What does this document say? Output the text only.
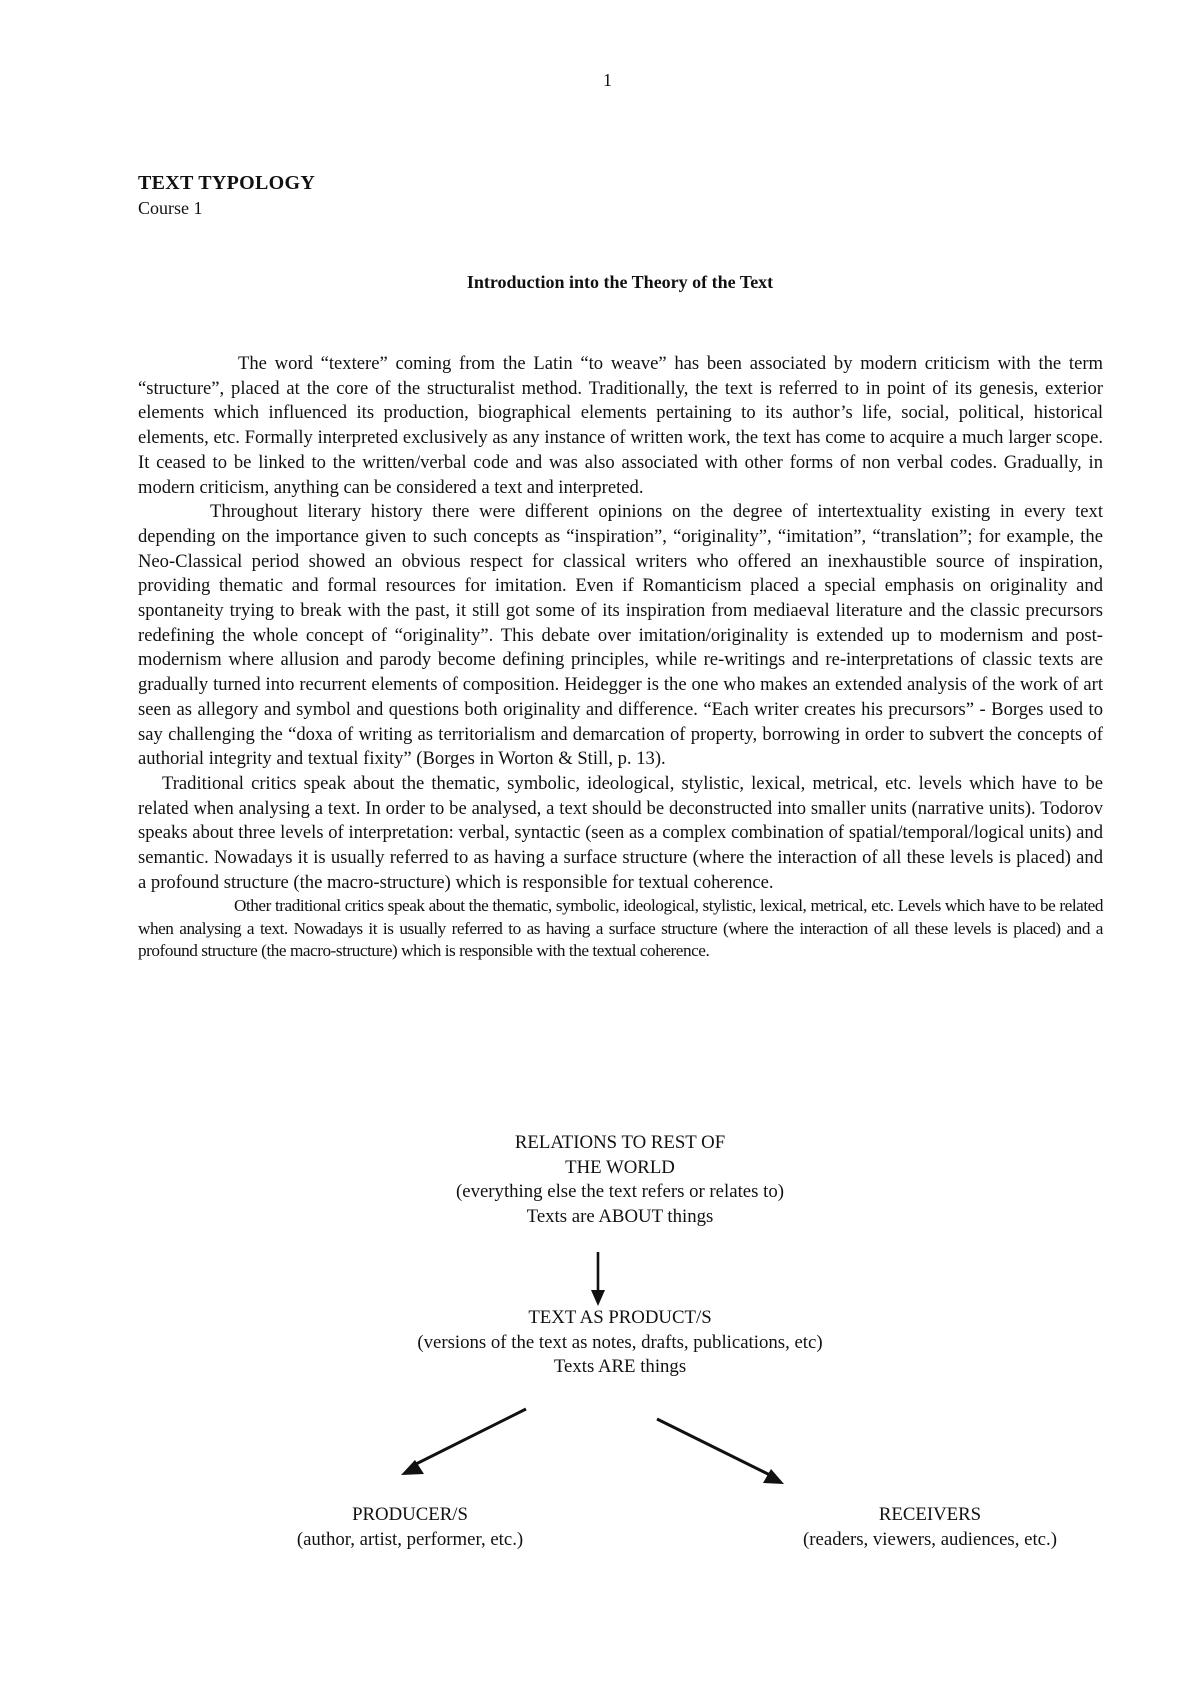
1
TEXT TYPOLOGY
Course 1
Introduction into the Theory of the Text

The word “textere” coming from the Latin “to weave” has been associated by modern criticism with the term “structure”, placed at the core of the structuralist method. Traditionally, the text is referred to in point of its genesis, exterior elements which influenced its production, biographical elements pertaining to its author’s life, social, political, historical elements, etc. Formally interpreted exclusively as any instance of written work, the text has come to acquire a much larger scope. It ceased to be linked to the written/verbal code and was also associated with other forms of non verbal codes. Gradually, in modern criticism, anything can be considered a text and interpreted.

Throughout literary history there were different opinions on the degree of intertextuality existing in every text depending on the importance given to such concepts as “inspiration”, “originality”, “imitation”, “translation”; for example, the Neo-Classical period showed an obvious respect for classical writers who offered an inexhaustible source of inspiration, providing thematic and formal resources for imitation. Even if Romanticism placed a special emphasis on originality and spontaneity trying to break with the past, it still got some of its inspiration from mediaeval literature and the classic precursors redefining the whole concept of “originality”. This debate over imitation/originality is extended up to modernism and post-modernism where allusion and parody become defining principles, while re-writings and re-interpretations of classic texts are gradually turned into recurrent elements of composition. Heidegger is the one who makes an extended analysis of the work of art seen as allegory and symbol and questions both originality and difference. “Each writer creates his precursors” - Borges used to say challenging the “doxa of writing as territorialism and demarcation of property, borrowing in order to subvert the concepts of authorial integrity and textual fixity” (Borges in Worton & Still, p. 13).

Traditional critics speak about the thematic, symbolic, ideological, stylistic, lexical, metrical, etc. levels which have to be related when analysing a text. In order to be analysed, a text should be deconstructed into smaller units (narrative units). Todorov speaks about three levels of interpretation: verbal, syntactic (seen as a complex combination of spatial/temporal/logical units) and semantic. Nowadays it is usually referred to as having a surface structure (where the interaction of all these levels is placed) and a profound structure (the macro-structure) which is responsible for textual coherence.

Other traditional critics speak about the thematic, symbolic, ideological, stylistic, lexical, metrical, etc. Levels which have to be related when analysing a text. Nowadays it is usually referred to as having a surface structure (where the interaction of all these levels is placed) and a profound structure (the macro-structure) which is responsible with the textual coherence.

RELATIONS TO REST OF
THE WORLD
(everything else the text refers or relates to)
Texts are ABOUT things
TEXT AS PRODUCT/S
(versions of the text as notes, drafts, publications, etc)
Texts ARE things
PRODUCER/S
(author, artist, performer, etc.)
RECEIVERS
(readers, viewers, audiences, etc.)
